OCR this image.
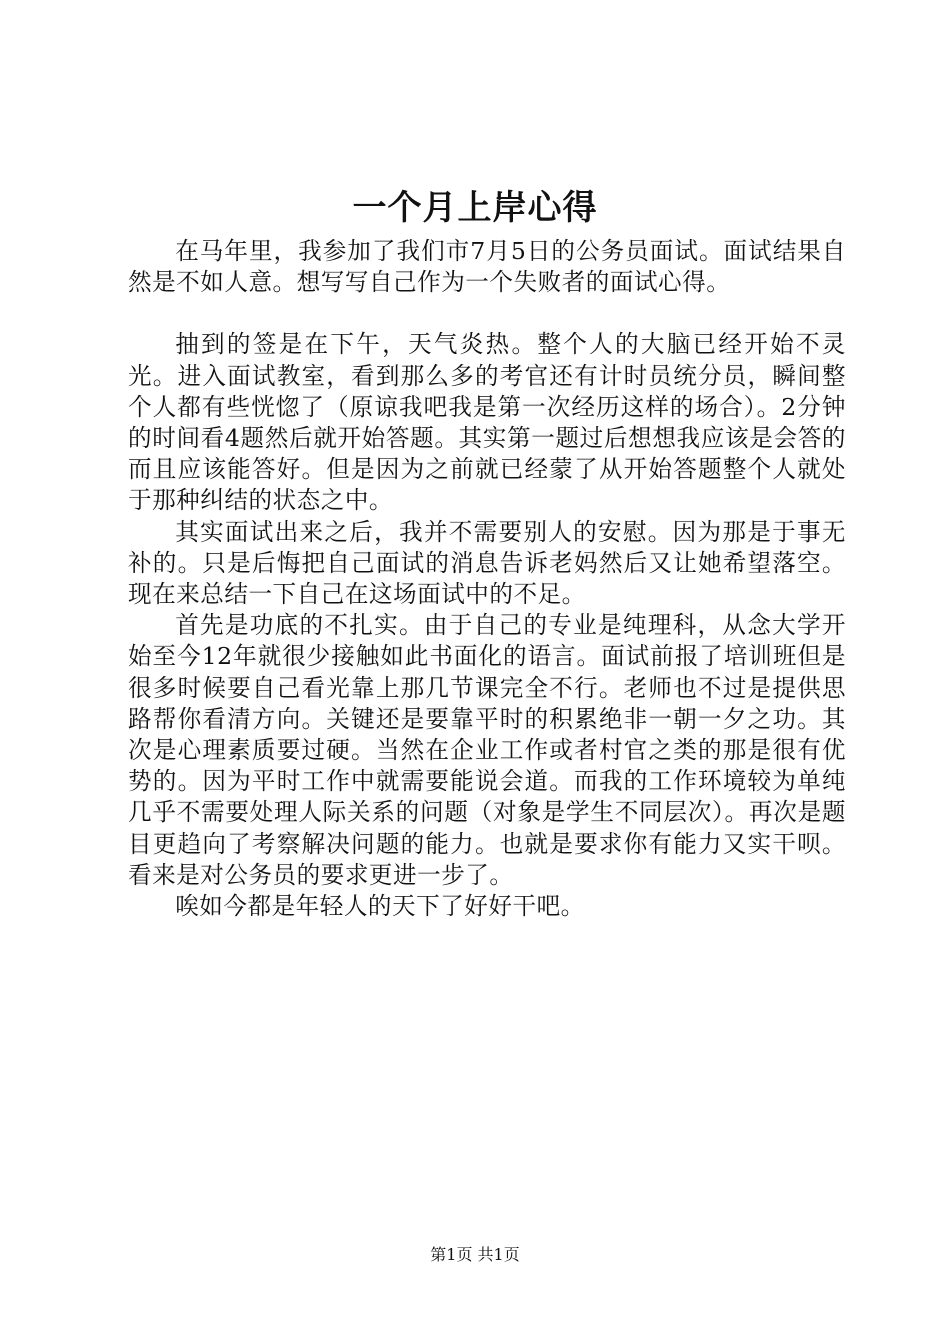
一个月上岸心得

在马年里，我参加了我们市7月5日的公务员面试。面试结果自然是不如人意。想写写自己作为一个失败者的面试心得。

抽到的签是在下午，天气炎热。整个人的大脑已经开始不灵光。进入面试教室，看到那么多的考官还有计时员统分员，瞬间整个人都有些恍惚了（原谅我吧我是第一次经历这样的场合）。2分钟的时间看4题然后就开始答题。其实第一题过后想想我应该是会答的而且应该能答好。但是因为之前就已经蒙了从开始答题整个人就处于那种纠结的状态之中。

其实面试出来之后，我并不需要别人的安慰。因为那是于事无补的。只是后悔把自己面试的消息告诉老妈然后又让她希望落空。现在来总结一下自己在这场面试中的不足。

首先是功底的不扎实。由于自己的专业是纯理科，从念大学开始至今12年就很少接触如此书面化的语言。面试前报了培训班但是很多时候要自己看光靠上那几节课完全不行。老师也不过是提供思路帮你看清方向。关键还是要靠平时的积累绝非一朝一夕之功。其次是心理素质要过硬。当然在企业工作或者村官之类的那是很有优势的。因为平时工作中就需要能说会道。而我的工作环境较为单纯几乎不需要处理人际关系的问题（对象是学生不同层次）。再次是题目更趋向了考察解决问题的能力。也就是要求你有能力又实干呗。看来是对公务员的要求更进一步了。

唉如今都是年轻人的天下了好好干吧。

第1页 共1页
